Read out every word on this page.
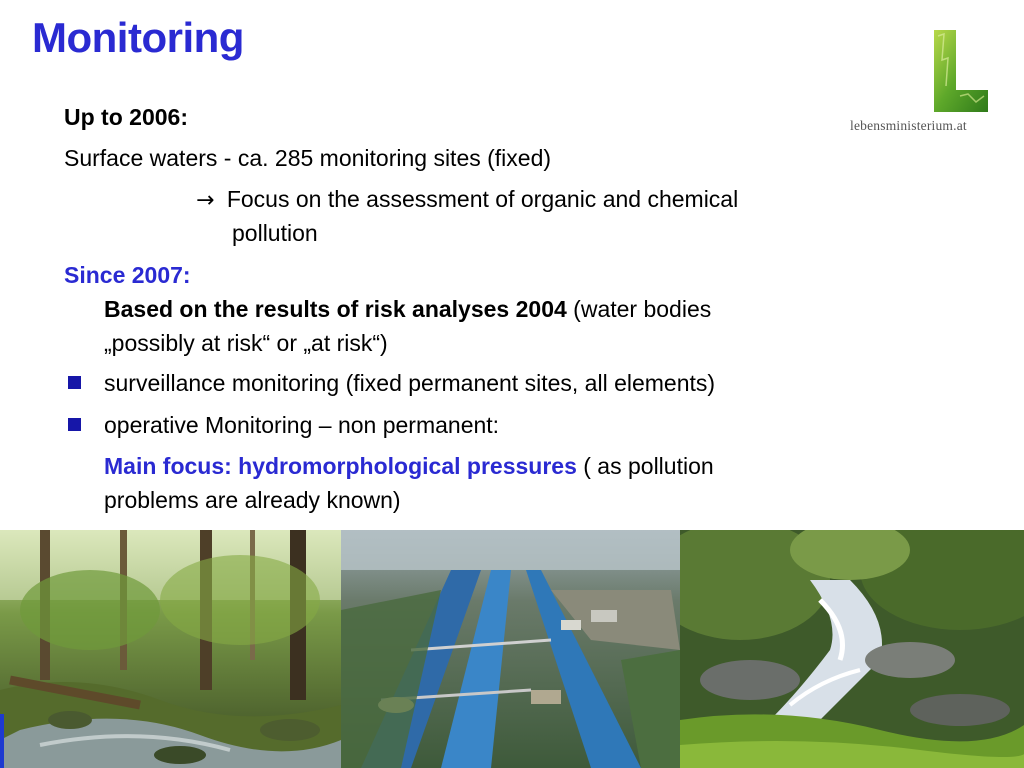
Monitoring
lebensministerium.at
Up to 2006:
Surface waters - ca. 285 monitoring sites (fixed)
→ Focus on the assessment of organic and chemical
pollution
Since 2007:
Based on the results of risk analyses 2004 (water bodies
„possibly at risk“ or „at risk“)
surveillance monitoring (fixed permanent sites, all elements)
operative Monitoring – non permanent:
Main focus: hydromorphological pressures ( as pollution
problems are already known)
